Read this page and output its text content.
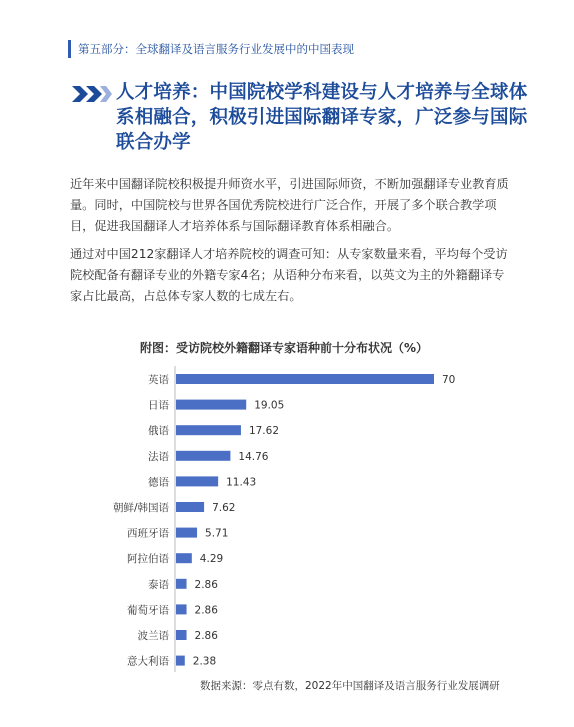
第五部分：全球翻译及语言服务行业发展中的中国表现
人才培养：中国院校学科建设与人才培养与全球体系相融合，积极引进国际翻译专家，广泛参与国际联合办学

近年来中国翻译院校积极提升师资水平，引进国际师资，不断加强翻译专业教育质量。同时，中国院校与世界各国优秀院校进行广泛合作，开展了多个联合教学项目，促进我国翻译人才培养体系与国际翻译教育体系相融合。

通过对中国212家翻译人才培养院校的调查可知：从专家数量来看，平均每个受访院校配备有翻译专业的外籍专家4名；从语种分布来看，以英文为主的外籍翻译专家占比最高，占总体专家人数的七成左右。

附图：受访院校外籍翻译专家语种前十分布状况（%）
英语	70
日语	19.05
俄语	17.62
法语	14.76
德语	11.43
朝鲜/韩国语	7.62
西班牙语	5.71
阿拉伯语	4.29
泰语 2.86
葡萄牙语 2.86
波兰语 2.86
意大利语 2.38
数据来源：零点有数，2022年中国翻译及语言服务行业发展调研
